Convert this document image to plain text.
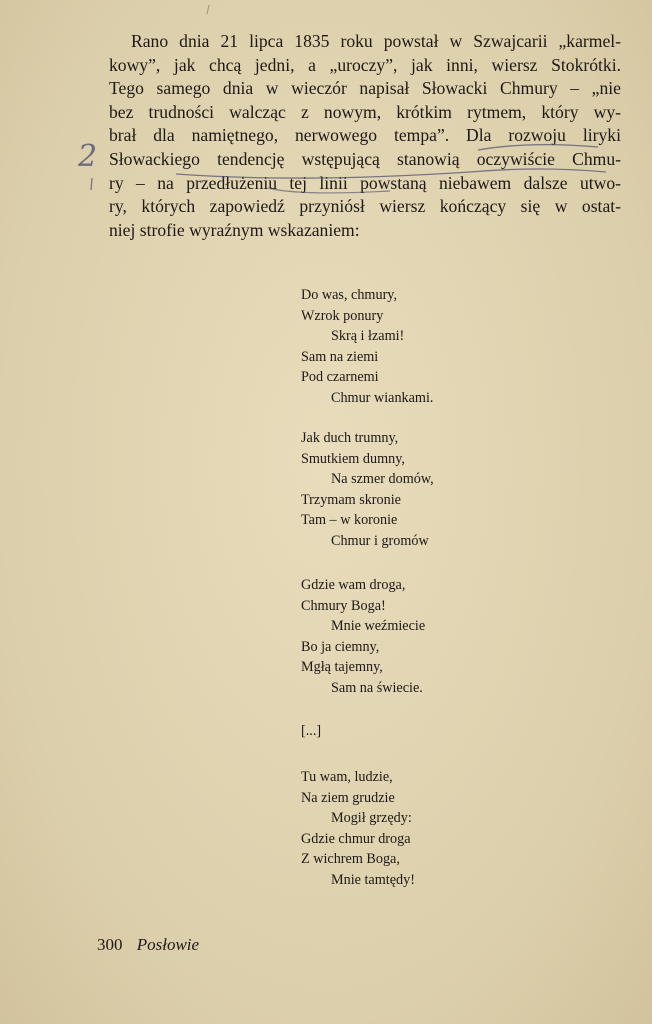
Rano dnia 21 lipca 1835 roku powstał w Szwajcarii „karmel-
kowy”, jak chcą jedni, a „uroczy”, jak inni, wiersz Stokrótki.
Tego samego dnia w wieczór napisał Słowacki Chmury – „nie
bez trudności walcząc z nowym, krótkim rytmem, który wy-
brał dla namiętnego, nerwowego tempa”. Dla rozwoju liryki
Słowackiego tendencję wstępującą stanowią oczywiście Chmu-
ry – na przedłużeniu tej linii powstaną niebawem dalsze utwo-
ry, których zapowiedź przyniósł wiersz kończący się w ostat-
niej strofie wyraźnym wskazaniem:
Do was, chmury,
Wzrok ponury
Skrą i łzami!
Sam na ziemi
Pod czarnemi
Chmur wiankami.
Jak duch trumny,
Smutkiem dumny,
Na szmer domów,
Trzymam skronie
Tam – w koronie
Chmur i gromów
Gdzie wam droga,
Chmury Boga!
Mnie weźmiecie
Bo ja ciemny,
Mgłą tajemny,
Sam na świecie.
[...]
Tu wam, ludzie,
Na ziem grudzie
Mogił grzędy:
Gdzie chmur droga
Z wichrem Boga,
Mnie tamtędy!
300 Posłowie
2
